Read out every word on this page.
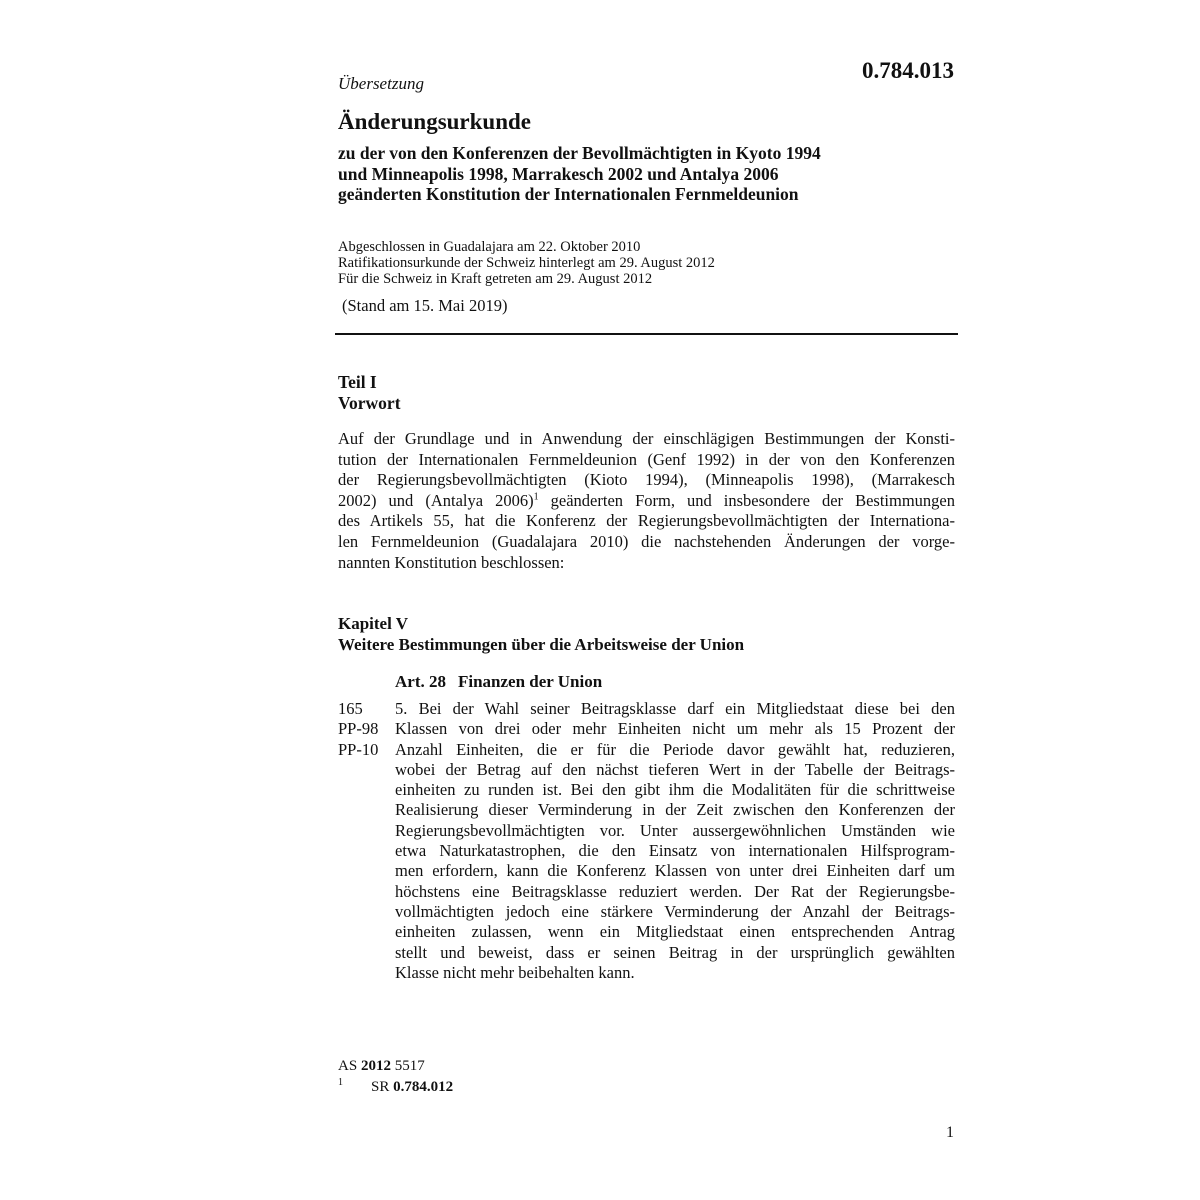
Übersetzung
0.784.013
Änderungsurkunde
zu der von den Konferenzen der Bevollmächtigten in Kyoto 1994
und Minneapolis 1998, Marrakesch 2002 und Antalya 2006
geänderten Konstitution der Internationalen Fernmeldeunion
Abgeschlossen in Guadalajara am 22. Oktober 2010
Ratifikationsurkunde der Schweiz hinterlegt am 29. August 2012
Für die Schweiz in Kraft getreten am 29. August 2012
(Stand am 15. Mai 2019)
Teil I
Vorwort
Auf der Grundlage und in Anwendung der einschlägigen Bestimmungen der Konsti-
tution der Internationalen Fernmeldeunion (Genf 1992) in der von den Konferenzen
der Regierungsbevollmächtigten (Kioto 1994), (Minneapolis 1998), (Marrakesch
2002) und (Antalya 2006)$^1$ geänderten Form, und insbesondere der Bestimmungen
des Artikels 55, hat die Konferenz der Regierungsbevollmächtigten der Internationa-
len Fernmeldeunion (Guadalajara 2010) die nachstehenden Änderungen der vorge-
nannten Konstitution beschlossen:
Kapitel V
Weitere Bestimmungen über die Arbeitsweise der Union
Art. 28 Finanzen der Union
165
PP-98
PP-10
5. Bei der Wahl seiner Beitragsklasse darf ein Mitgliedstaat diese bei den
Klassen von drei oder mehr Einheiten nicht um mehr als 15 Prozent der
Anzahl Einheiten, die er für die Periode davor gewählt hat, reduzieren,
wobei der Betrag auf den nächst tieferen Wert in der Tabelle der Beitrags-
einheiten zu runden ist. Bei den gibt ihm die Modalitäten für die schrittweise
Realisierung dieser Verminderung in der Zeit zwischen den Konferenzen der
Regierungsbevollmächtigten vor. Unter aussergewöhnlichen Umständen wie
etwa Naturkatastrophen, die den Einsatz von internationalen Hilfsprogram-
men erfordern, kann die Konferenz Klassen von unter drei Einheiten darf um
höchstens eine Beitragsklasse reduziert werden. Der Rat der Regierungsbe-
vollmächtigten jedoch eine stärkere Verminderung der Anzahl der Beitrags-
einheiten zulassen, wenn ein Mitgliedstaat einen entsprechenden Antrag
stellt und beweist, dass er seinen Beitrag in der ursprünglich gewählten
Klasse nicht mehr beibehalten kann.
AS 2012 5517
1 SR 0.784.012
1
